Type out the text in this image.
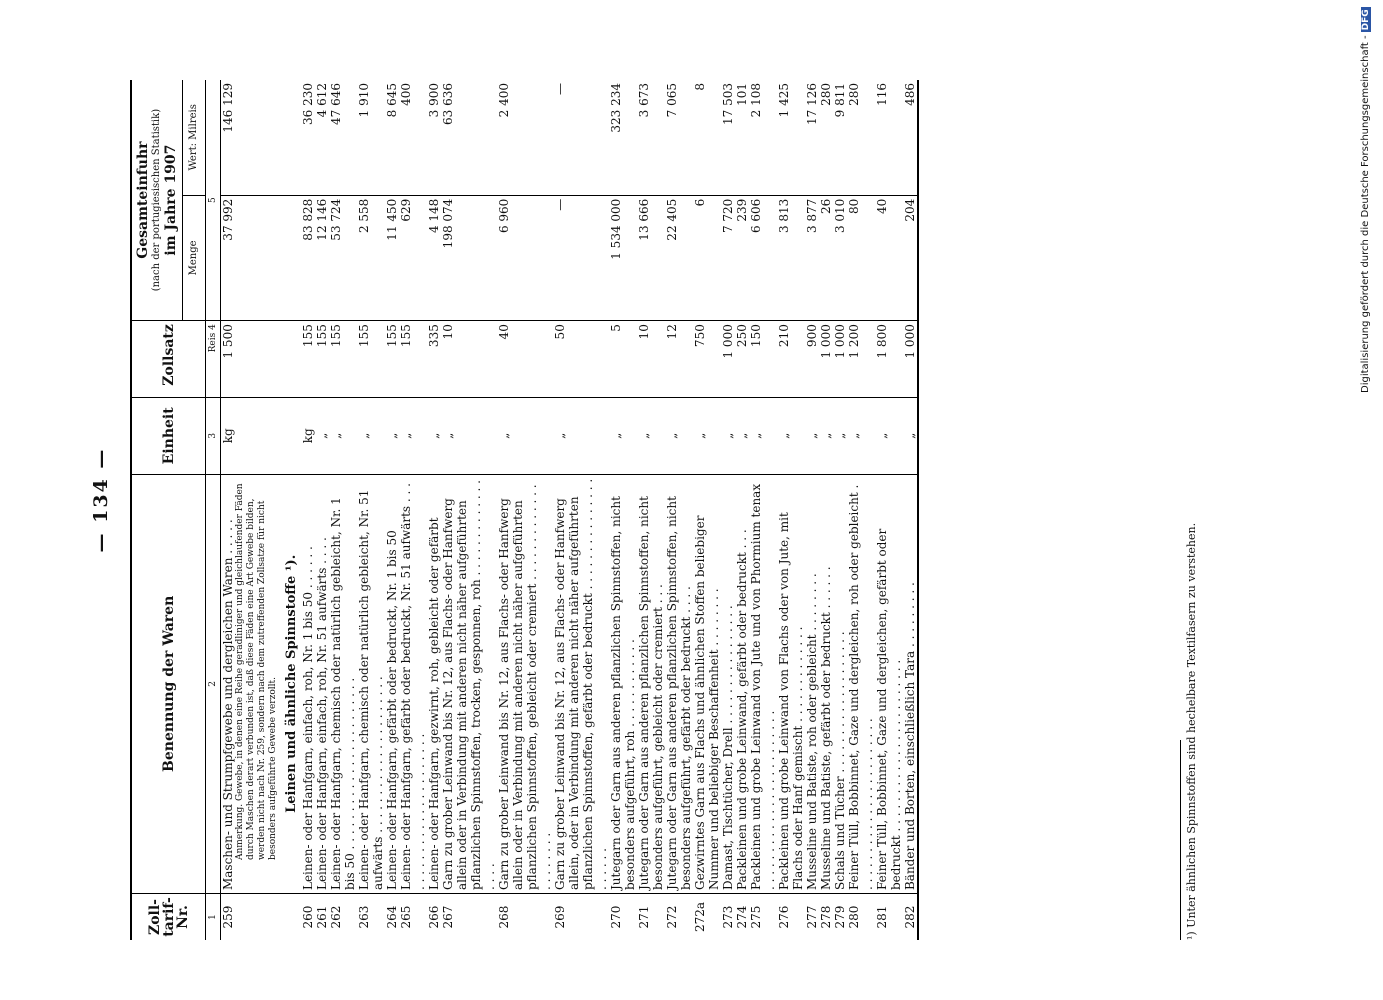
— 134 —
Zoll-tarif-Nr.	Benennung der Waren	Einheit	Zollsatz	Gesamteinfuhr (nach der portugiesischen Statistik) im Jahre 1907	

				Menge	Wert: Milreis
1	2	3	Reis 4	5	
259	Maschen- und Strumpfgewebe und dergleichen Waren . . . . . Anmerkung. Gewebe, in denen eine Reihe geradliniger und gleichlaufender Fäden durch Maschen derart verbunden ist, daß diese Fäden eine Art Gewebe bilden, werden nicht nach Nr. 259, sondern nach dem zutreffenden Zollsatze für nicht besonders aufgeführte Gewebe verzollt.	kg	1 500	37 992	146 129
	Leinen und ähnliche Spinnstoffe ¹).				
260	Leinen- oder Hanfgarn, einfach, roh, Nr. 1 bis 50 . . . . . .	kg	155	83 828	36 230
261	Leinen- oder Hanfgarn, einfach, roh, Nr. 51 aufwärts . . . .	„	155	12 146	4 612
262	Leinen- oder Hanfgarn, chemisch oder natürlich gebleicht, Nr. 1 bis 50 . . . . . . . . . . . . . . . . . . . . . . .	„	155	53 724	47 646
263	Leinen- oder Hanfgarn, chemisch oder natürlich gebleicht, Nr. 51 aufwärts . . . . . . . . . . . . . . . . . . . . .	„	155	2 558	1 910
264	Leinen- oder Hanfgarn, gefärbt oder bedruckt, Nr. 1 bis 50	„	155	11 450	8 645
265	Leinen- oder Hanfgarn, gefärbt oder bedruckt, Nr. 51 aufwärts . . . . . . . . . . . . . . . . . . . . . . . .	„	155	629	400
266	Leinen- oder Hanfgarn, gezwirnt, roh, gebleicht oder gefärbt	„	335	4 148	3 900
267	Garn zu grober Leinwand bis Nr. 12, aus Flachs- oder Hanfwerg allein oder in Verbindung mit anderen nicht näher aufgeführten pflanzlichen Spinnstoffen, trocken, gesponnen, roh . . . . . . . . . . . . . . . . .	„	10	198 074	63 636
268	Garn zu grober Leinwand bis Nr. 12, aus Flachs- oder Hanfwerg allein oder in Verbindung mit anderen nicht näher aufgeführten pflanzlichen Spinnstoffen, gebleicht oder cremiert . . . . . . . . . . . . . . . . . . . . .	„	40	6 960	2 400
269	Garn zu grober Leinwand bis Nr. 12, aus Flachs- oder Hanfwerg allein, oder in Verbindung mit anderen nicht näher aufgeführten pflanzlichen Spinnstoffen, gefärbt oder bedruckt . . . . . . . . . . . . . . . . . . . . .	„	50	—	—
270	Jutegarn oder Garn aus anderen pflanzlichen Spinnstoffen, nicht besonders aufgeführt, roh . . . . . . . . . . . .	„	5	1 534 000	323 234
271	Jutegarn oder Garn aus anderen pflanzlichen Spinnstoffen, nicht besonders aufgeführt, gebleicht oder cremiert . . .	„	10	13 666	3 673
272	Jutegarn oder Garn aus anderen pflanzlichen Spinnstoffen, nicht besonders aufgeführt, gefärbt oder bedruckt . . . .	„	12	22 405	7 065
272a	Gezwirntes Garn aus Flachs und ähnlichen Stoffen beliebiger Nummer und beliebiger Beschaffenheit . . . . . . . .	„	750	6	8
273	Damast, Tischtücher, Drell . . . . . . . . . . . . . . . .	„	1 000	7 720	17 503
274	Packleinen und grobe Leinwand, gefärbt oder bedruckt . . .	„	250	239	101
275	Packleinen und grobe Leinwand von Jute und von Phormium tenax . . . . . . . . . . . . . . . . . . . . . . . .	„	150	6 606	2 108
276	Packleinen und grobe Leinwand von Flachs oder von Jute, mit Flachs oder Hanf gemischt . . . . . . . . . . . . .	„	210	3 813	1 425
277	Musseline und Batiste, roh oder gebleicht . . . . . . . .	„	900	3 877	17 126
278	Musseline und Batiste, gefärbt oder bedruckt . . . . . .	„	1 000	26	280
279	Schals und Tücher . . . . . . . . . . . . . . . . . . .	„	1 000	3 010	9 811
280	Feiner Tüll, Bobbinnet, Gaze und dergleichen, roh oder gebleicht . . . . . . . . . . . . . . . . . . . . . . . .	„	1 200	80	280
281	Feiner Tüll, Bobbinnet, Gaze und dergleichen, gefärbt oder bedruckt . . . . . . . . . . . . . . . . . . . . . . .	„	1 800	40	116
282	Bänder und Borten, einschließlich Tara . . . . . . . . .	„	1 000	204	486
¹) Unter ähnlichen Spinnstoffen sind hechelbare Textilfasern zu verstehen.
Digitalisierung gefördert durch die Deutsche Forschungsgemeinschaft -DFG
